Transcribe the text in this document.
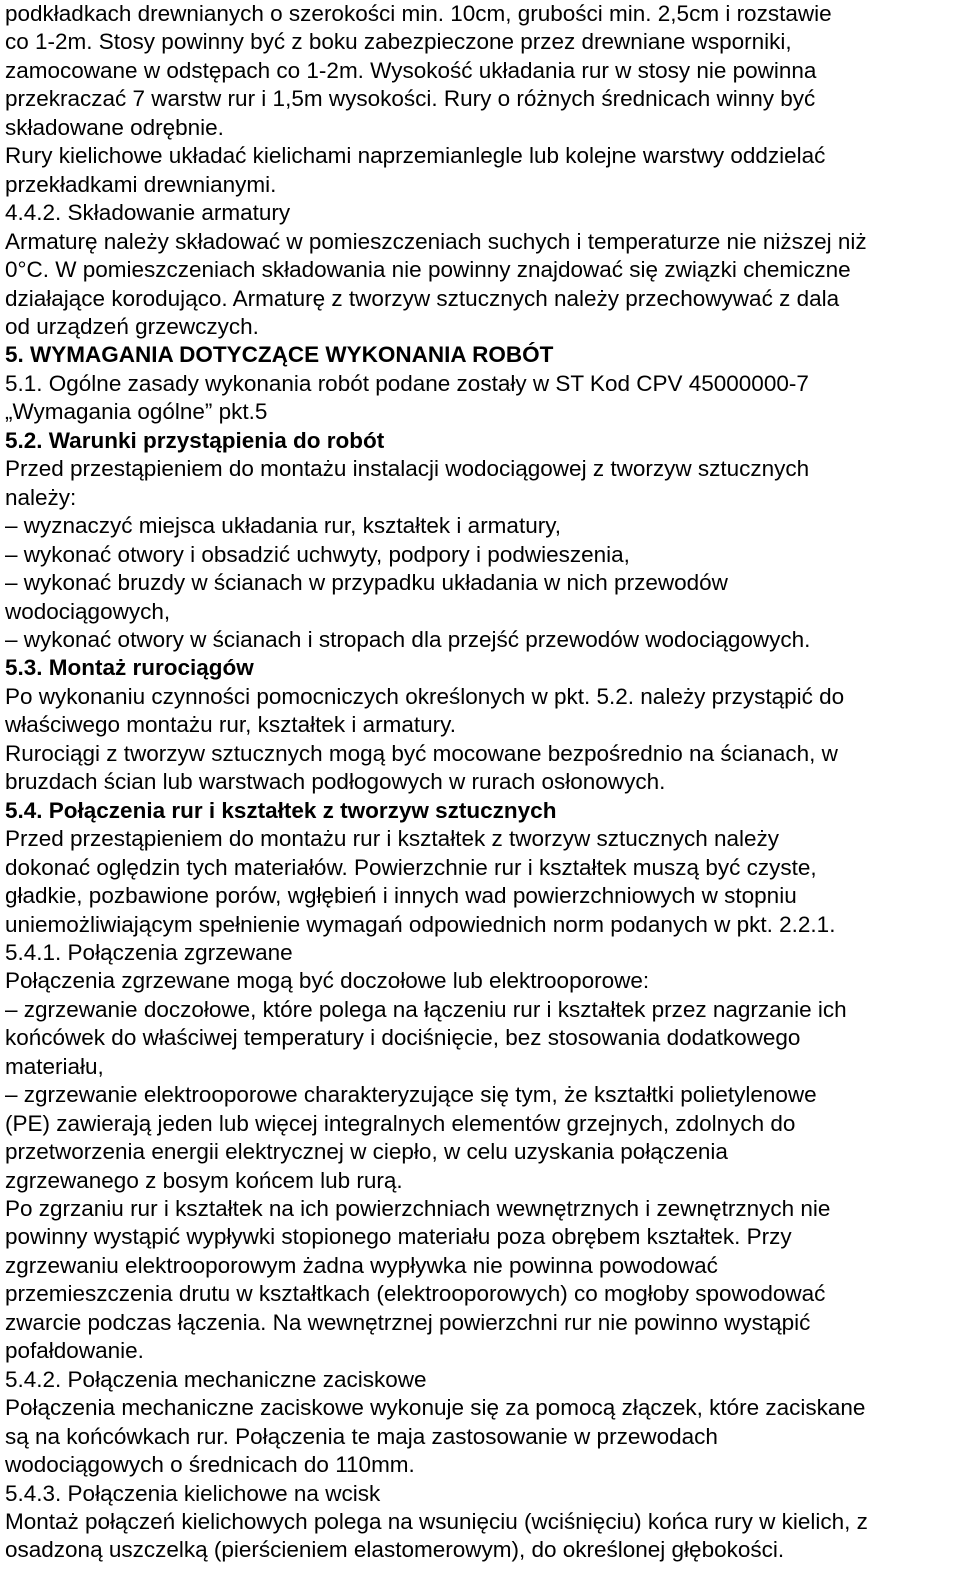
podkładkach drewnianych o szerokości min. 10cm, grubości min. 2,5cm i rozstawie
co 1-2m. Stosy powinny być z boku zabezpieczone przez drewniane wsporniki,
zamocowane w odstępach co 1-2m. Wysokość układania rur w stosy nie powinna
przekraczać 7 warstw rur i 1,5m wysokości. Rury o różnych średnicach winny być
składowane odrębnie.
Rury kielichowe układać kielichami naprzemianlegle lub kolejne warstwy oddzielać
przekładkami drewnianymi.
4.4.2. Składowanie armatury
Armaturę należy składować w pomieszczeniach suchych i temperaturze nie niższej niż
0°C. W pomieszczeniach składowania nie powinny znajdować się związki chemiczne
działające korodująco. Armaturę z tworzyw sztucznych należy przechowywać z dala
od urządzeń grzewczych.
5. WYMAGANIA DOTYCZĄCE WYKONANIA ROBÓT
5.1. Ogólne zasady wykonania robót podane zostały w ST Kod CPV 45000000-7
„Wymagania ogólne” pkt.5
5.2. Warunki przystąpienia do robót
Przed przestąpieniem do montażu instalacji wodociągowej z tworzyw sztucznych
należy:
– wyznaczyć miejsca układania rur, kształtek i armatury,
– wykonać otwory i obsadzić uchwyty, podpory i podwieszenia,
– wykonać bruzdy w ścianach w przypadku układania w nich przewodów
wodociągowych,
– wykonać otwory w ścianach i stropach dla przejść przewodów wodociągowych.
5.3. Montaż rurociągów
Po wykonaniu czynności pomocniczych określonych w pkt. 5.2. należy przystąpić do
właściwego montażu rur, kształtek i armatury.
Rurociągi z tworzyw sztucznych mogą być mocowane bezpośrednio na ścianach, w
bruzdach ścian lub warstwach podłogowych w rurach osłonowych.
5.4. Połączenia rur i kształtek z tworzyw sztucznych
Przed przestąpieniem do montażu rur i kształtek z tworzyw sztucznych należy
dokonać oględzin tych materiałów. Powierzchnie rur i kształtek muszą być czyste,
gładkie, pozbawione porów, wgłębień i innych wad powierzchniowych w stopniu
uniemożliwiającym spełnienie wymagań odpowiednich norm podanych w pkt. 2.2.1.
5.4.1. Połączenia zgrzewane
Połączenia zgrzewane mogą być doczołowe lub elektrooporowe:
– zgrzewanie doczołowe, które polega na łączeniu rur i kształtek przez nagrzanie ich
końcówek do właściwej temperatury i dociśnięcie, bez stosowania dodatkowego
materiału,
– zgrzewanie elektrooporowe charakteryzujące się tym, że kształtki polietylenowe
(PE) zawierają jeden lub więcej integralnych elementów grzejnych, zdolnych do
przetworzenia energii elektrycznej w ciepło, w celu uzyskania połączenia
zgrzewanego z bosym końcem lub rurą.
Po zgrzaniu rur i kształtek na ich powierzchniach wewnętrznych i zewnętrznych nie
powinny wystąpić wypływki stopionego materiału poza obrębem kształtek. Przy
zgrzewaniu elektrooporowym żadna wypływka nie powinna powodować
przemieszczenia drutu w kształtkach (elektrooporowych) co mogłoby spowodować
zwarcie podczas łączenia. Na wewnętrznej powierzchni rur nie powinno wystąpić
pofałdowanie.
5.4.2. Połączenia mechaniczne zaciskowe
Połączenia mechaniczne zaciskowe wykonuje się za pomocą złączek, które zaciskane
są na końcówkach rur. Połączenia te maja zastosowanie w przewodach
wodociągowych o średnicach do 110mm.
5.4.3. Połączenia kielichowe na wcisk
Montaż połączeń kielichowych polega na wsunięciu (wciśnięciu) końca rury w kielich, z
osadzoną uszczelką (pierścieniem elastomerowym), do określonej głębokości.
